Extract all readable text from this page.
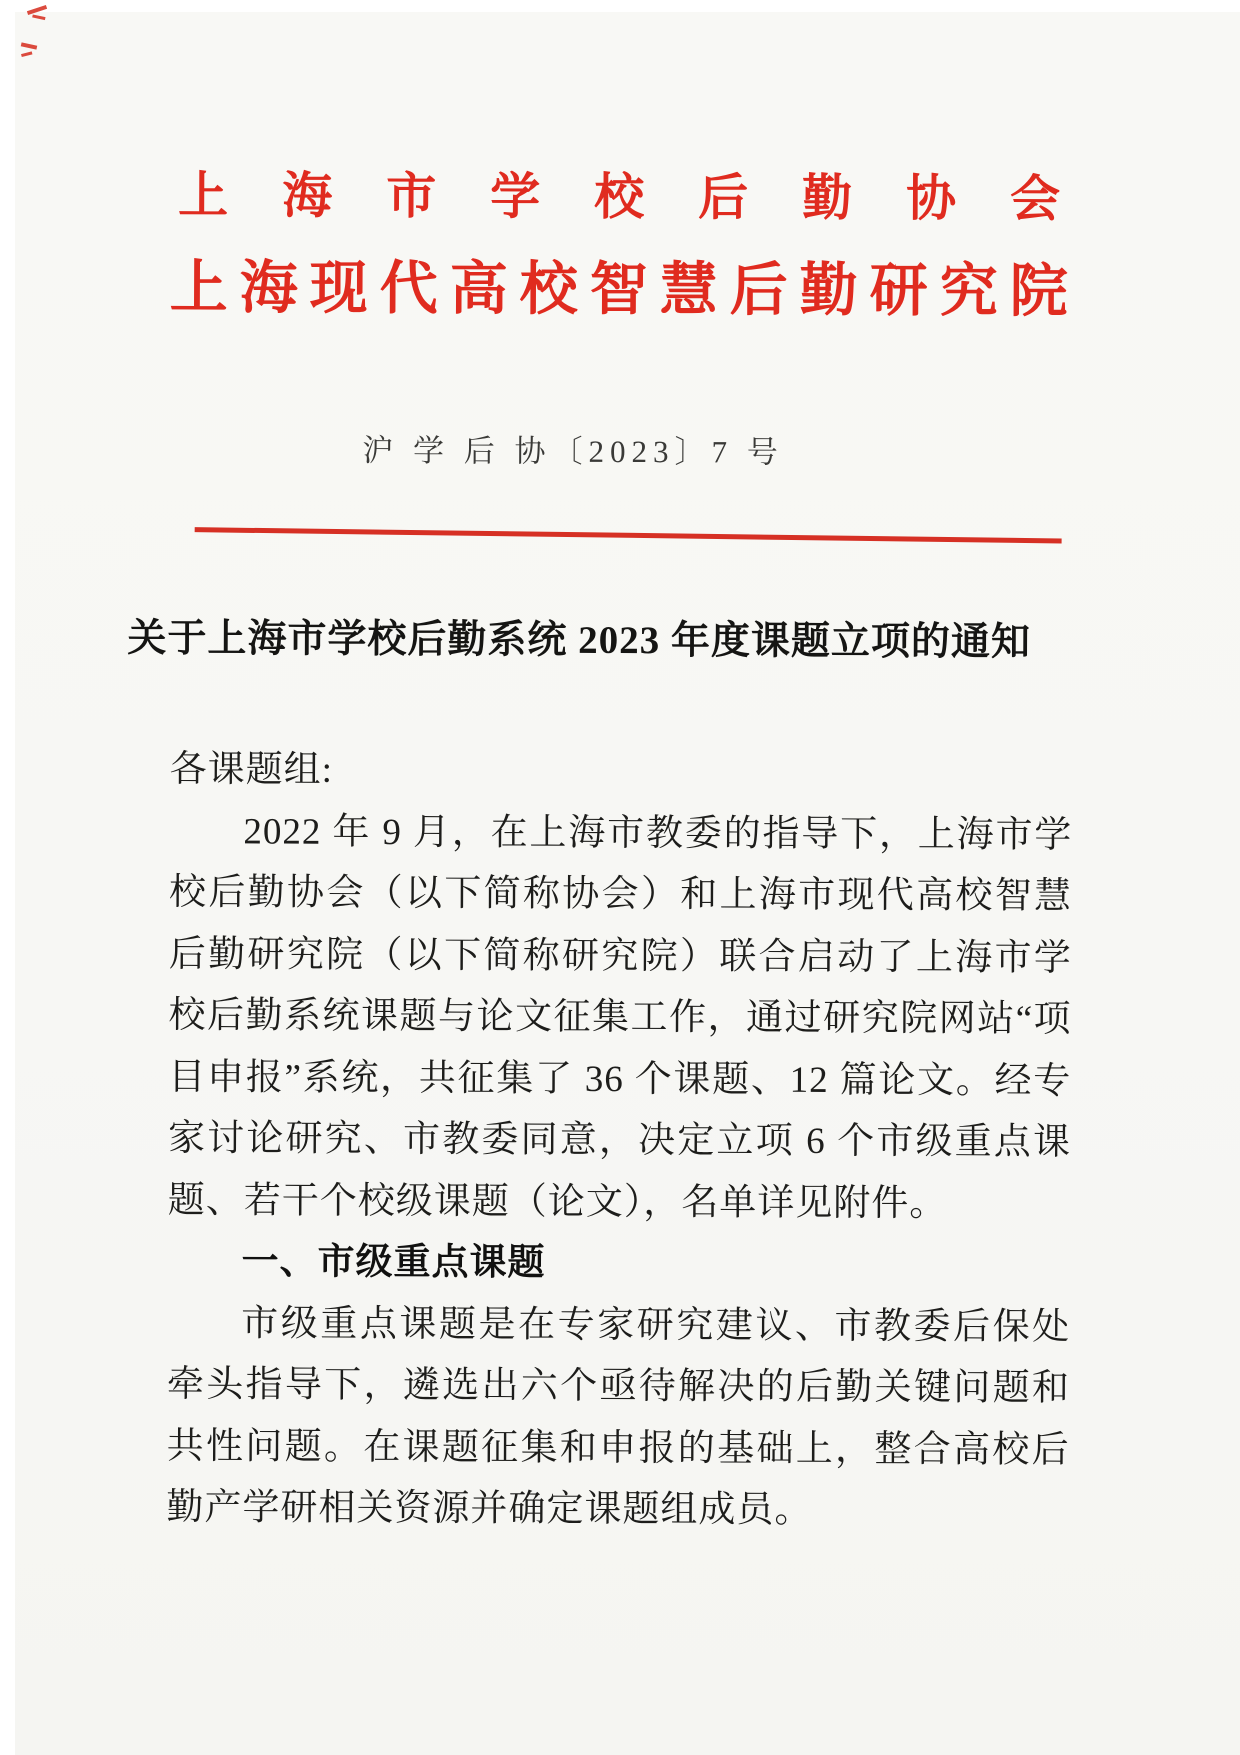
上海市学校后勤协会
上海现代高校智慧后勤研究院
沪 学 后 协〔2023〕7 号
关于上海市学校后勤系统 2023 年度课题立项的通知

各课题组:

2022 年 9 月，在上海市教委的指导下，上海市学校后勤协会（以下简称协会）和上海市现代高校智慧后勤研究院（以下简称研究院）联合启动了上海市学校后勤系统课题与论文征集工作，通过研究院网站“项目申报”系统，共征集了 36 个课题、12 篇论文。经专家讨论研究、市教委同意，决定立项 6 个市级重点课题、若干个校级课题（论文），名单详见附件。

一、市级重点课题

市级重点课题是在专家研究建议、市教委后保处牵头指导下，遴选出六个亟待解决的后勤关键问题和共性问题。在课题征集和申报的基础上，整合高校后勤产学研相关资源并确定课题组成员。
